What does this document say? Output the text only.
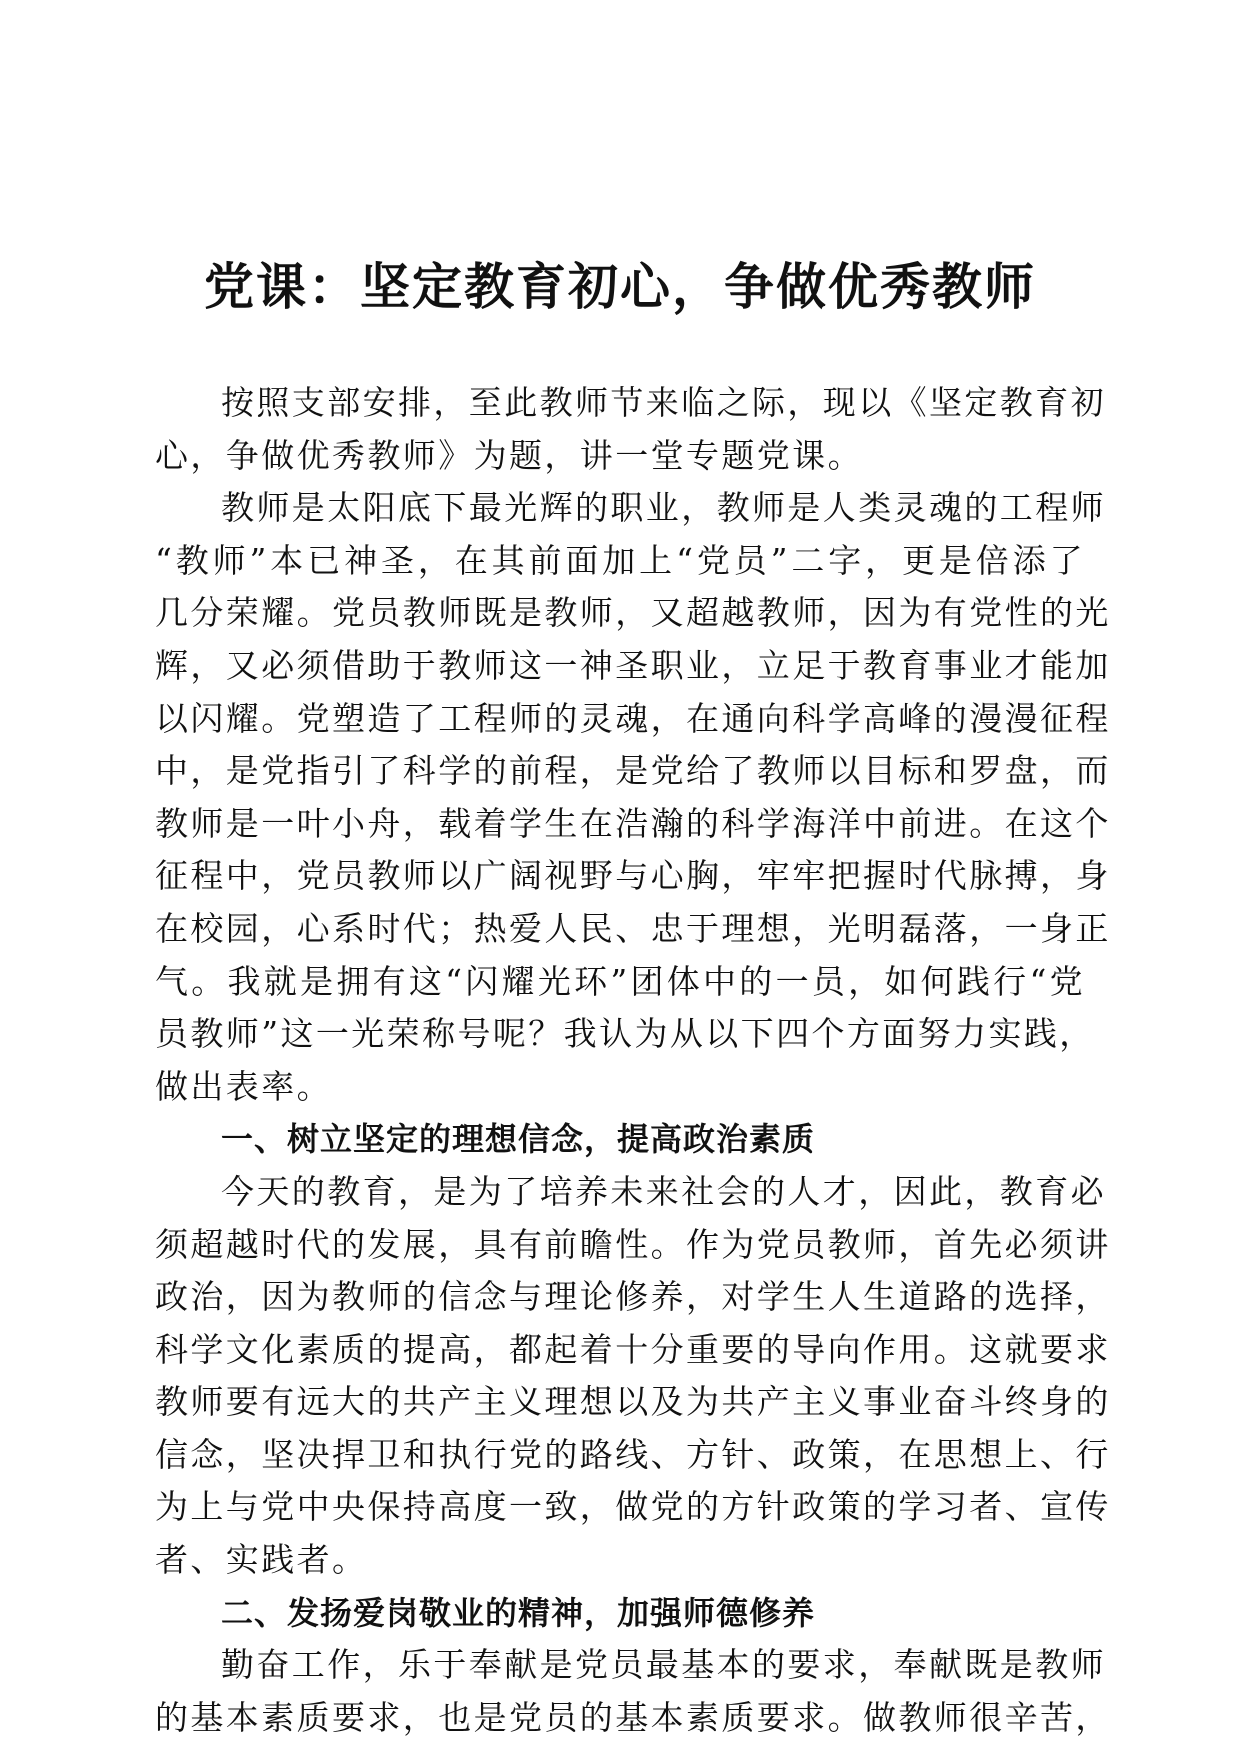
党课：坚定教育初心，争做优秀教师
按照支部安排，至此教师节来临之际，现以《坚定教育初
心，争做优秀教师》为题，讲一堂专题党课。
教师是太阳底下最光辉的职业，教师是人类灵魂的工程师
“教师”本已神圣，在其前面加上“党员”二字，更是倍添了
几分荣耀。党员教师既是教师，又超越教师，因为有党性的光
辉，又必须借助于教师这一神圣职业，立足于教育事业才能加
以闪耀。党塑造了工程师的灵魂，在通向科学高峰的漫漫征程
中，是党指引了科学的前程，是党给了教师以目标和罗盘，而
教师是一叶小舟，载着学生在浩瀚的科学海洋中前进。在这个
征程中，党员教师以广阔视野与心胸，牢牢把握时代脉搏，身
在校园，心系时代；热爱人民、忠于理想，光明磊落，一身正
气。我就是拥有这“闪耀光环”团体中的一员，如何践行“党
员教师”这一光荣称号呢？我认为从以下四个方面努力实践，
做出表率。
一、树立坚定的理想信念，提高政治素质
今天的教育，是为了培养未来社会的人才，因此，教育必
须超越时代的发展，具有前瞻性。作为党员教师，首先必须讲
政治，因为教师的信念与理论修养，对学生人生道路的选择，
科学文化素质的提高，都起着十分重要的导向作用。这就要求
教师要有远大的共产主义理想以及为共产主义事业奋斗终身的
信念，坚决捍卫和执行党的路线、方针、政策，在思想上、行
为上与党中央保持高度一致，做党的方针政策的学习者、宣传
者、实践者。
二、发扬爱岗敬业的精神，加强师德修养
勤奋工作，乐于奉献是党员最基本的要求，奉献既是教师
的基本素质要求，也是党员的基本素质要求。做教师很辛苦，
